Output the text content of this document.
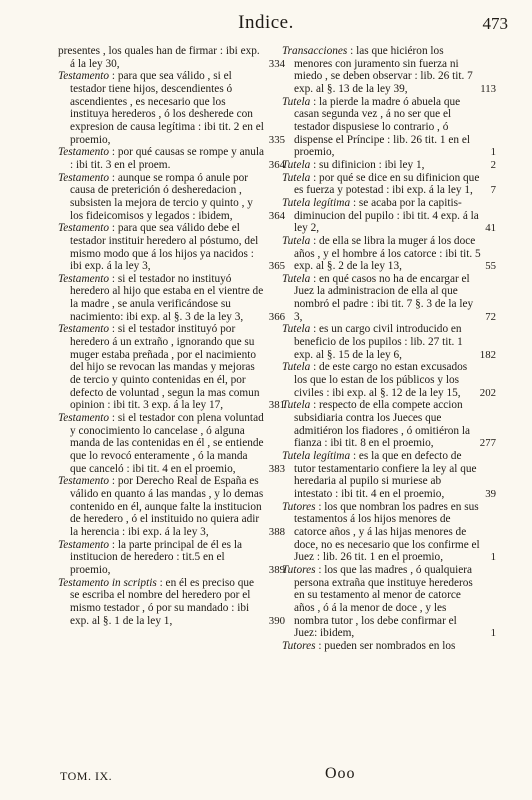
Indice.	473
presentes , los quales han de firmar : ibi exp. á la ley 30,	334
Testamento : para que sea válido , si el testador tiene hijos, descendientes ó ascendientes , es necesario que los instituya herederos , ó los desherede con expresion de causa legítima : ibi tit. 2 en el proemio,	335
Testamento : por qué causas se rompe y anula : ibi tit. 3 en el proem.	364
Testamento : aunque se rompa ó anule por causa de preterición ó desheredacion , subsisten la mejora de tercio y quinto , y los fideicomisos y legados : ibidem,	364
Testamento : para que sea válido debe el testador instituir heredero al póstumo, del mismo modo que á los hijos ya nacidos : ibi exp. á la ley 3,	365
Testamento : si el testador no instituyó heredero al hijo que estaba en el vientre de la madre , se anula verificándose su nacimiento: ibi exp. al §. 3 de la ley 3, 366
Testamento : si el testador instituyó por heredero á un extraño , ignorando que su muger estaba preñada , por el nacimiento del hijo se revocan las mandas y mejoras de tercio y quinto contenidas en él, por defecto de voluntad , segun la mas comun opinion : ibi tit. 3 exp. á la ley 17,	381
Testamento : si el testador con plena voluntad y conocimiento lo cancelase , ó alguna manda de las contenidas en él , se entiende que lo revocó enteramente , ó la manda que canceló : ibi tit. 4 en el proemio,	383
Testamento : por Derecho Real de España es válido en quanto á las mandas , y lo demas contenido en él, aunque falte la institucion de heredero , ó el instituido no quiera adir la herencia : ibi exp. á la ley 3,	388
Testamento : la parte principal de él es la institucion de heredero : tit.5 en el proemio,	389
Testamento in scriptis : en él es preciso que se escriba el nombre del heredero por el mismo testador , ó por su mandado : ibi exp. al §. 1 de la ley 1,	390
Transacciones : las que hiciéron los menores con juramento sin fuerza ni miedo , se deben observar : lib. 26 tit. 7 exp. al §. 13 de la ley 39,	113
Tutela : la pierde la madre ó abuela que casan segunda vez , á no ser que el testador dispusiese lo contrario , ó dispense el Príncipe : lib. 26 tit. 1 en el proemio,	1
Tutela : su difinicion : ibi ley 1,	2
Tutela : por qué se dice en su difinicion que es fuerza y potestad : ibi exp. á la ley 1, 7
Tutela legítima : se acaba por la capitis-diminucion del pupilo : ibi tit. 4 exp. á la ley 2,	41
Tutela : de ella se libra la muger á los doce años , y el hombre á los catorce : ibi tit. 5 exp. al §. 2 de la ley 13,	55
Tutela : en qué casos no ha de encargar el Juez la administracion de ella al que nombró el padre : ibi tit. 7 §. 3 de la ley 3,	72
Tutela : es un cargo civil introducido en beneficio de los pupilos : lib. 27 tit. 1 exp. al §. 15 de la ley 6,	182
Tutela : de este cargo no estan excusados los que lo estan de los públicos y los civiles : ibi exp. al §. 12 de la ley 15, 202
Tutela : respecto de ella compete accion subsidiaria contra los Jueces que admitiéron los fiadores , ó omitiéron la fianza : ibi tit. 8 en el proemio,	277
Tutela legítima : es la que en defecto de tutor testamentario confiere la ley al que heredaria al pupilo si muriese ab intestato : ibi tit. 4 en el proemio,	39
Tutores : los que nombran los padres en sus testamentos á los hijos menores de catorce años , y á las hijas menores de doce, no es necesario que los confirme el Juez : lib. 26 tit. 1 en el proemio,	1
Tutores : los que las madres , ó qualquiera persona extraña que instituye herederos en su testamento al menor de catorce años , ó á la menor de doce , y les nombra tutor , los debe confirmar el Juez: ibidem,	1
Tutores : pueden ser nombrados en los
TOM. IX.	Ooo
